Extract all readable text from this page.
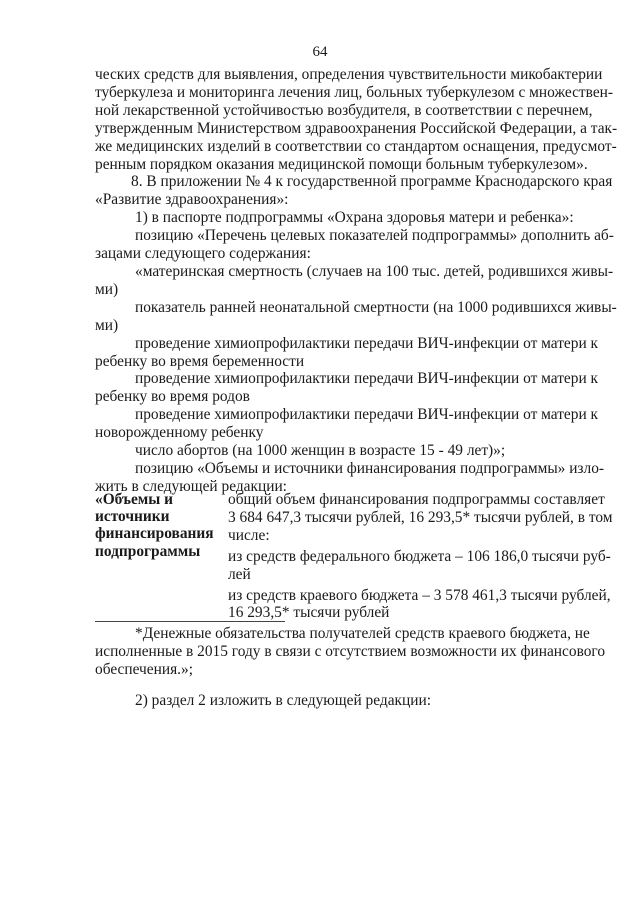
64
ческих средств для выявления, определения чувствительности микобактерии
туберкулеза и мониторинга лечения лиц, больных туберкулезом с множествен-
ной лекарственной устойчивостью возбудителя, в соответствии с перечнем,
утвержденным Министерством здравоохранения Российской Федерации, а так-
же медицинских изделий в соответствии со стандартом оснащения, предусмот-
ренным порядком оказания медицинской помощи больным туберкулезом».
8. В приложении № 4 к государственной программе Краснодарского края
«Развитие здравоохранения»:
1) в паспорте подпрограммы «Охрана здоровья матери и ребенка»:
позицию «Перечень целевых показателей подпрограммы» дополнить аб-
зацами следующего содержания:
«материнская смертность (случаев на 100 тыс. детей, родившихся живы-
ми)
показатель ранней неонатальной смертности (на 1000 родившихся живы-
ми)
проведение химиопрофилактики передачи ВИЧ-инфекции от матери к
ребенку во время беременности
проведение химиопрофилактики передачи ВИЧ-инфекции от матери к
ребенку во время родов
проведение химиопрофилактики передачи ВИЧ-инфекции от матери к
новорожденному ребенку
число абортов (на 1000 женщин в возрасте 15 - 49 лет)»;
позицию «Объемы и источники финансирования подпрограммы» изло-
жить в следующей редакции:
«Объемы и
источники
финансирования
подпрограммы
общий объем финансирования подпрограммы составляет
3 684 647,3 тысячи рублей, 16 293,5* тысячи рублей, в том
числе:
из средств федерального бюджета – 106 186,0 тысячи руб-
лей
из средств краевого бюджета – 3 578 461,3 тысячи рублей,
16 293,5* тысячи рублей
*Денежные обязательства получателей средств краевого бюджета, не
исполненные в 2015 году в связи с отсутствием возможности их финансового
обеспечения.»;
2) раздел 2 изложить в следующей редакции:
